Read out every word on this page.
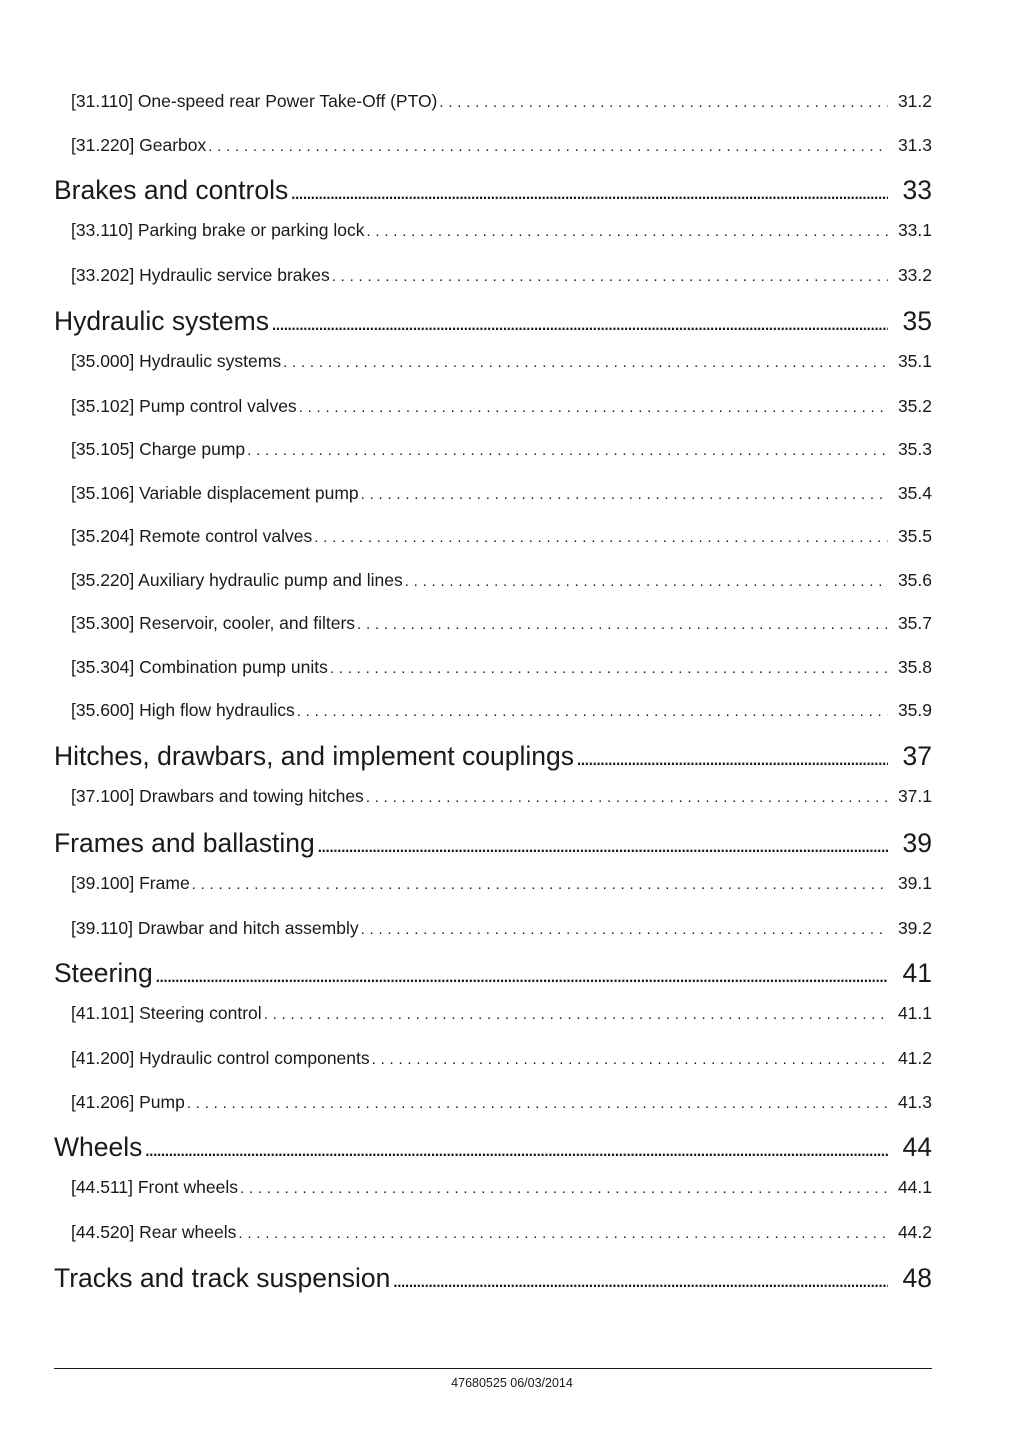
[31.110] One-speed rear Power Take-Off (PTO) . . .	31.2
[31.220] Gearbox . . .	31.3
Brakes and controls .....	33
[33.110] Parking brake or parking lock . . .	33.1
[33.202] Hydraulic service brakes . . .	33.2
Hydraulic systems .....	35
[35.000] Hydraulic systems . . .	35.1
[35.102] Pump control valves . . .	35.2
[35.105] Charge pump . . .	35.3
[35.106] Variable displacement pump . . .	35.4
[35.204] Remote control valves . . .	35.5
[35.220] Auxiliary hydraulic pump and lines . . .	35.6
[35.300] Reservoir, cooler, and filters . . .	35.7
[35.304] Combination pump units . . .	35.8
[35.600] High flow hydraulics . . .	35.9
Hitches, drawbars, and implement couplings .....	37
[37.100] Drawbars and towing hitches . . .	37.1
Frames and ballasting .....	39
[39.100] Frame . . .	39.1
[39.110] Drawbar and hitch assembly . . .	39.2
Steering .....	41
[41.101] Steering control . . .	41.1
[41.200] Hydraulic control components . . .	41.2
[41.206] Pump . . .	41.3
Wheels .....	44
[44.511] Front wheels . . .	44.1
[44.520] Rear wheels . . .	44.2
Tracks and track suspension .....	48
47680525 06/03/2014
